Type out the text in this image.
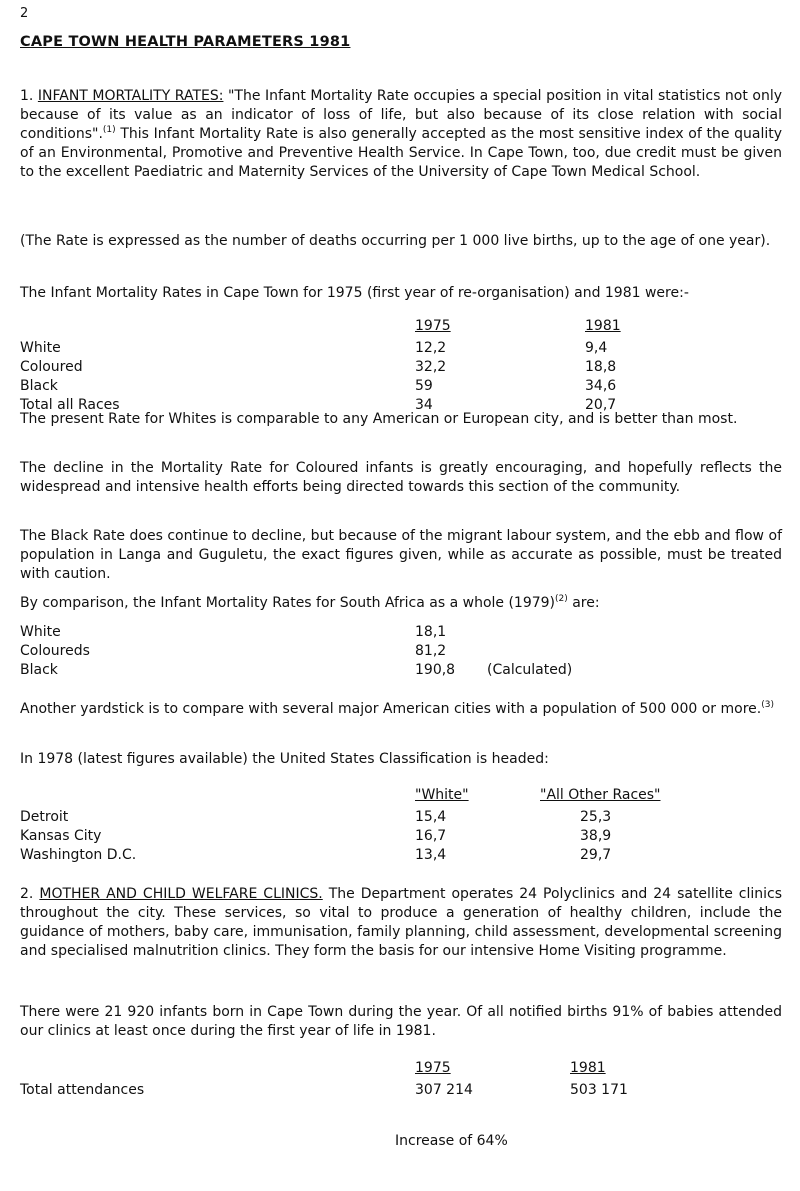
2
CAPE TOWN HEALTH PARAMETERS 1981

1. INFANT MORTALITY RATES: "The Infant Mortality Rate occupies a special position in vital statistics not only because of its value as an indicator of loss of life, but also because of its close relation with social conditions".$^{(1)}$ This Infant Mortality Rate is also generally accepted as the most sensitive index of the quality of an Environmental, Promotive and Preventive Health Service. In Cape Town, too, due credit must be given to the excellent Paediatric and Maternity Services of the University of Cape Town Medical School.

(The Rate is expressed as the number of deaths occurring per 1 000 live births, up to the age of one year).

The Infant Mortality Rates in Cape Town for 1975 (first year of re-organisation) and 1981 were:-

	1975	1981
White	12,2	9,4
Coloured	32,2	18,8
Black	59	34,6
Total all Races	34	20,7

The present Rate for Whites is comparable to any American or European city, and is better than most.

The decline in the Mortality Rate for Coloured infants is greatly encouraging, and hopefully reflects the widespread and intensive health efforts being directed towards this section of the community.

The Black Rate does continue to decline, but because of the migrant labour system, and the ebb and flow of population in Langa and Guguletu, the exact figures given, while as accurate as possible, must be treated with caution.

By comparison, the Infant Mortality Rates for South Africa as a whole $(1979)^{(2)}$ are:

White	18,1	
Coloureds	81,2	
Black	190,8	(Calculated)

Another yardstick is to compare with several major American cities with a population of 500 000 or more.$^{(3)}$

In 1978 (latest figures available) the United States Classification is headed:

	"White"	"All Other Races"
Detroit	15,4	25,3
Kansas City	16,7	38,9
Washington D.C.	13,4	29,7

2. MOTHER AND CHILD WELFARE CLINICS. The Department operates 24 Polyclinics and 24 satellite clinics throughout the city. These services, so vital to produce a generation of healthy children, include the guidance of mothers, baby care, immunisation, family planning, child assessment, developmental screening and specialised malnutrition clinics. They form the basis for our intensive Home Visiting programme.

There were 21 920 infants born in Cape Town during the year. Of all notified births 91% of babies attended our clinics at least once during the first year of life in 1981.

	1975	1981
Total attendances	307 214	503 171
Increase of 64%
